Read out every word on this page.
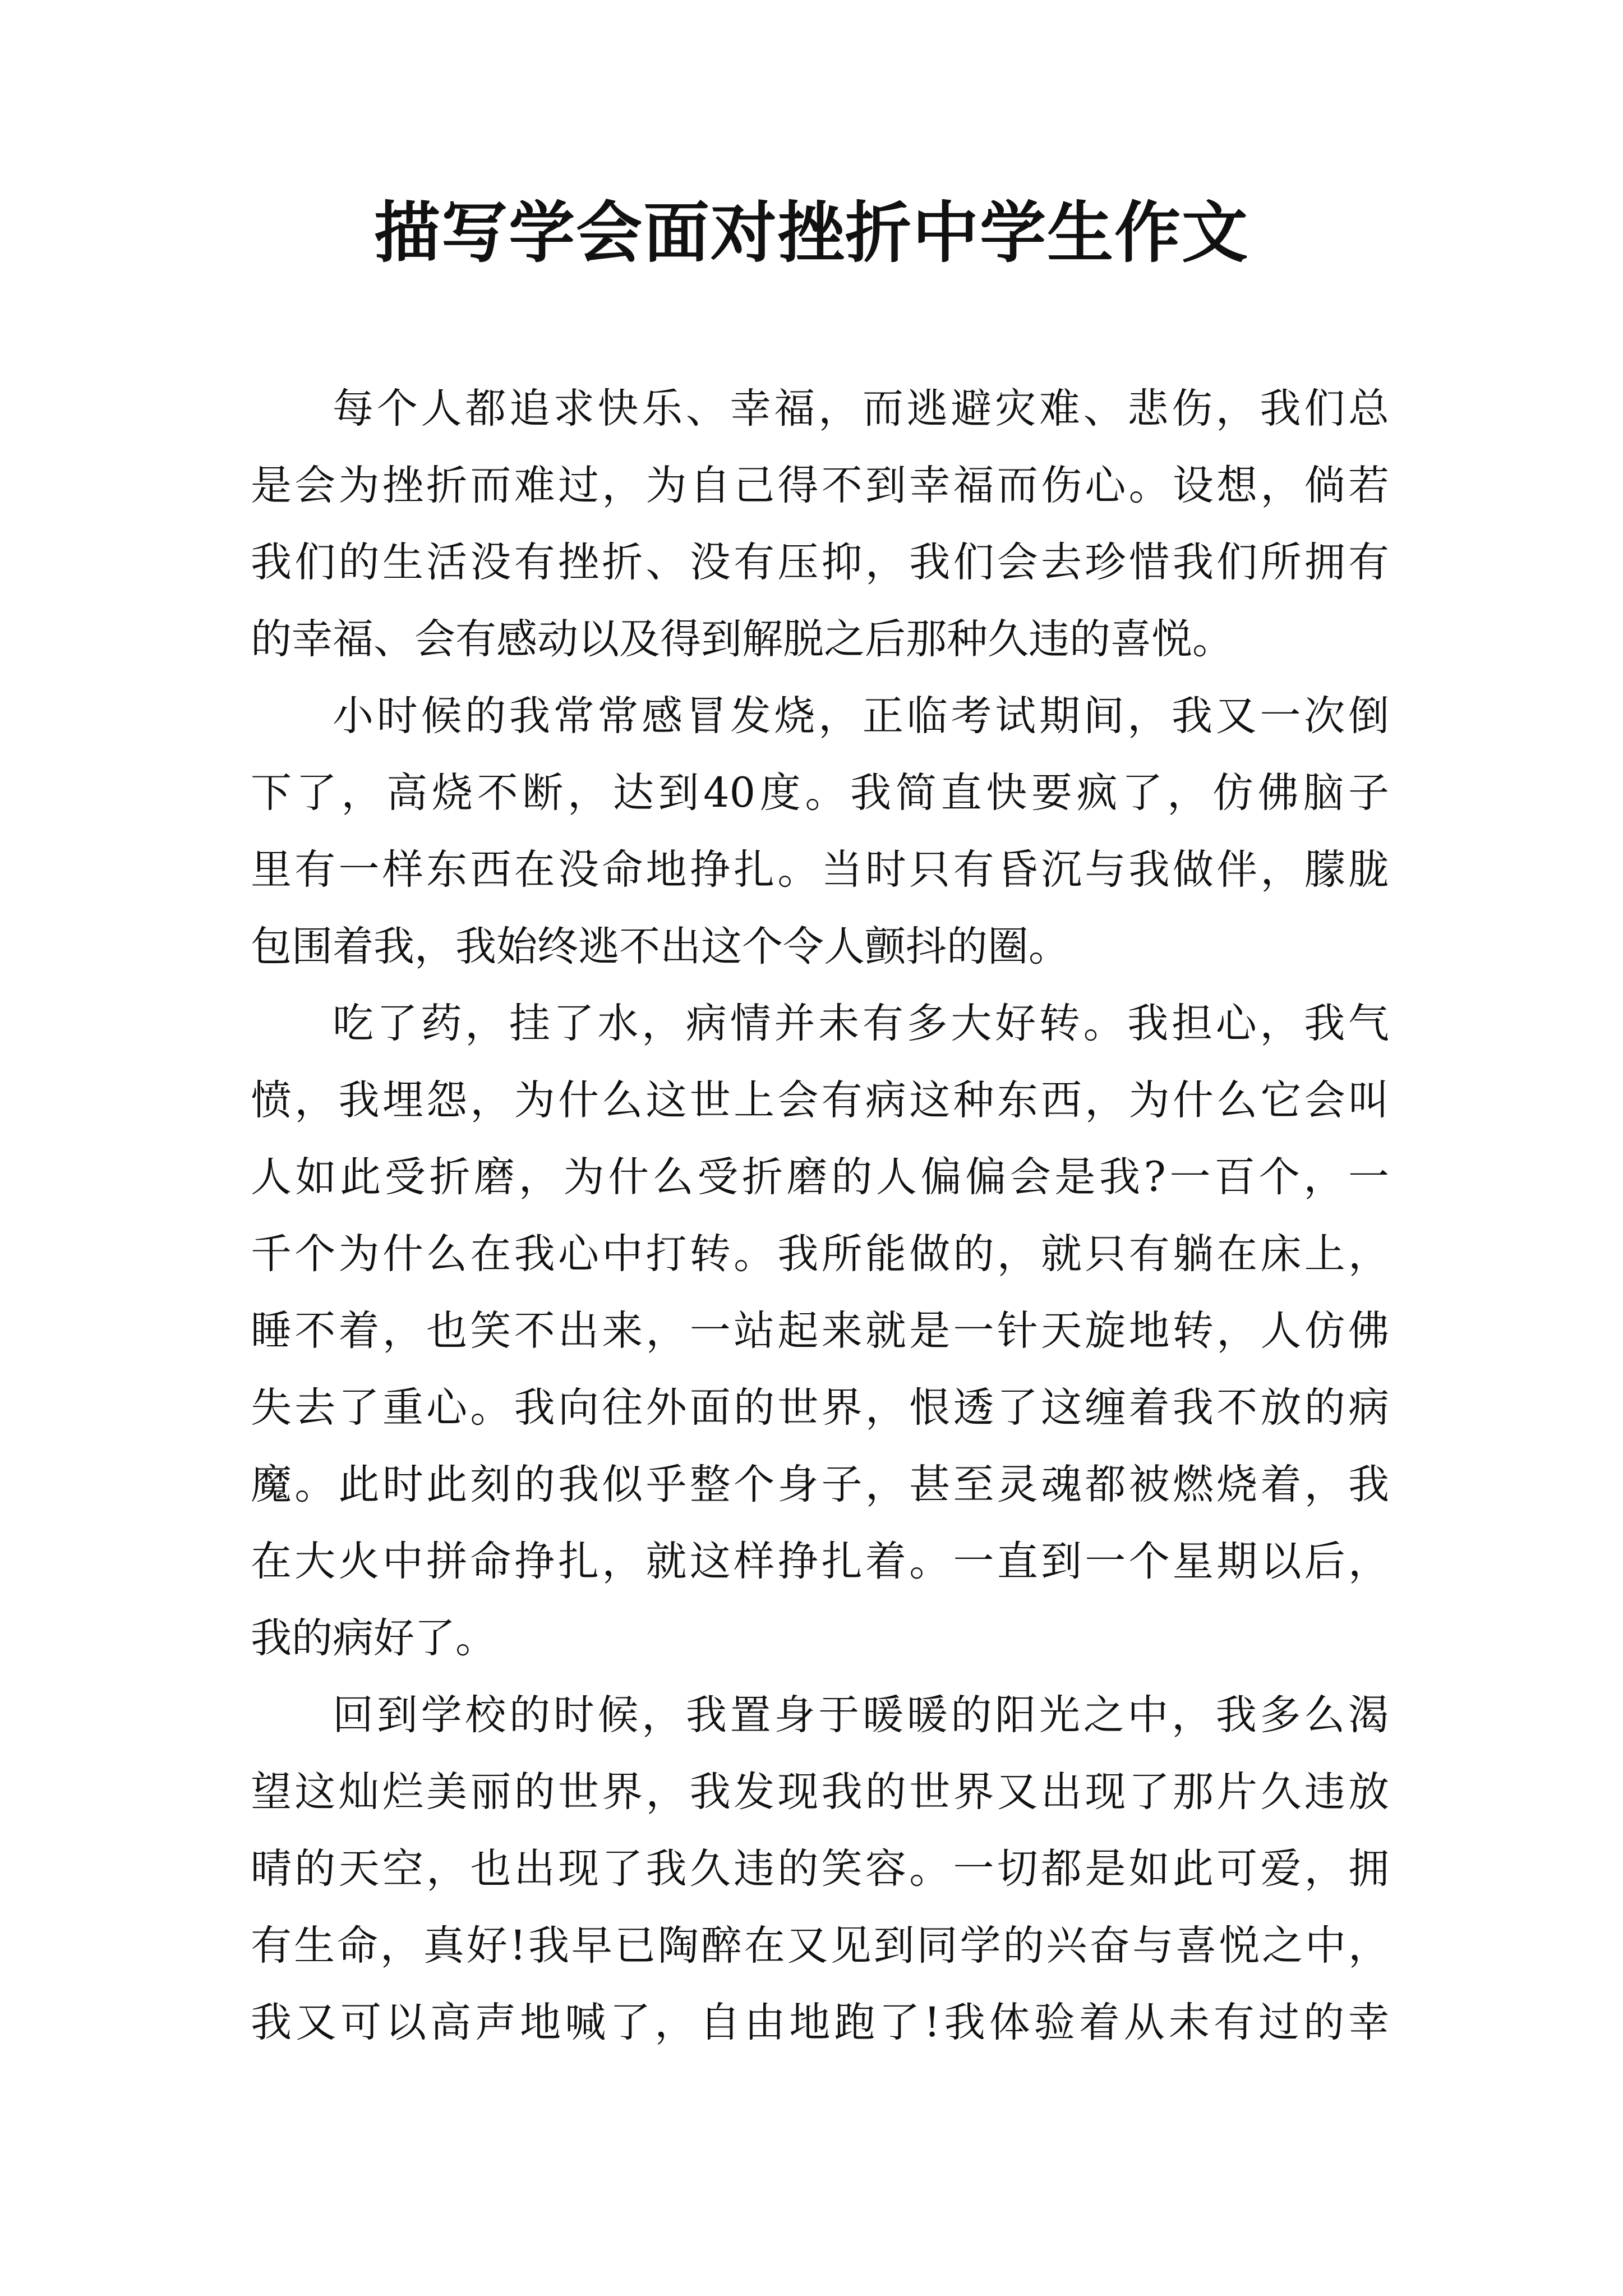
描写学会面对挫折中学生作文
每个人都追求快乐、幸福，而逃避灾难、悲伤，我们总
是会为挫折而难过，为自己得不到幸福而伤心。设想，倘若
我们的生活没有挫折、没有压抑，我们会去珍惜我们所拥有
的幸福、会有感动以及得到解脱之后那种久违的喜悦。
小时候的我常常感冒发烧，正临考试期间，我又一次倒
下了，高烧不断，达到40度。我简直快要疯了，仿佛脑子
里有一样东西在没命地挣扎。当时只有昏沉与我做伴，朦胧
包围着我，我始终逃不出这个令人颤抖的圈。
吃了药，挂了水，病情并未有多大好转。我担心，我气
愤，我埋怨，为什么这世上会有病这种东西，为什么它会叫
人如此受折磨，为什么受折磨的人偏偏会是我?一百个，一
千个为什么在我心中打转。我所能做的，就只有躺在床上，
睡不着，也笑不出来，一站起来就是一针天旋地转，人仿佛
失去了重心。我向往外面的世界，恨透了这缠着我不放的病
魔。此时此刻的我似乎整个身子，甚至灵魂都被燃烧着，我
在大火中拼命挣扎，就这样挣扎着。一直到一个星期以后，
我的病好了。
回到学校的时候，我置身于暖暖的阳光之中，我多么渴
望这灿烂美丽的世界，我发现我的世界又出现了那片久违放
晴的天空，也出现了我久违的笑容。一切都是如此可爱，拥
有生命，真好!我早已陶醉在又见到同学的兴奋与喜悦之中，
我又可以高声地喊了，自由地跑了!我体验着从未有过的幸
